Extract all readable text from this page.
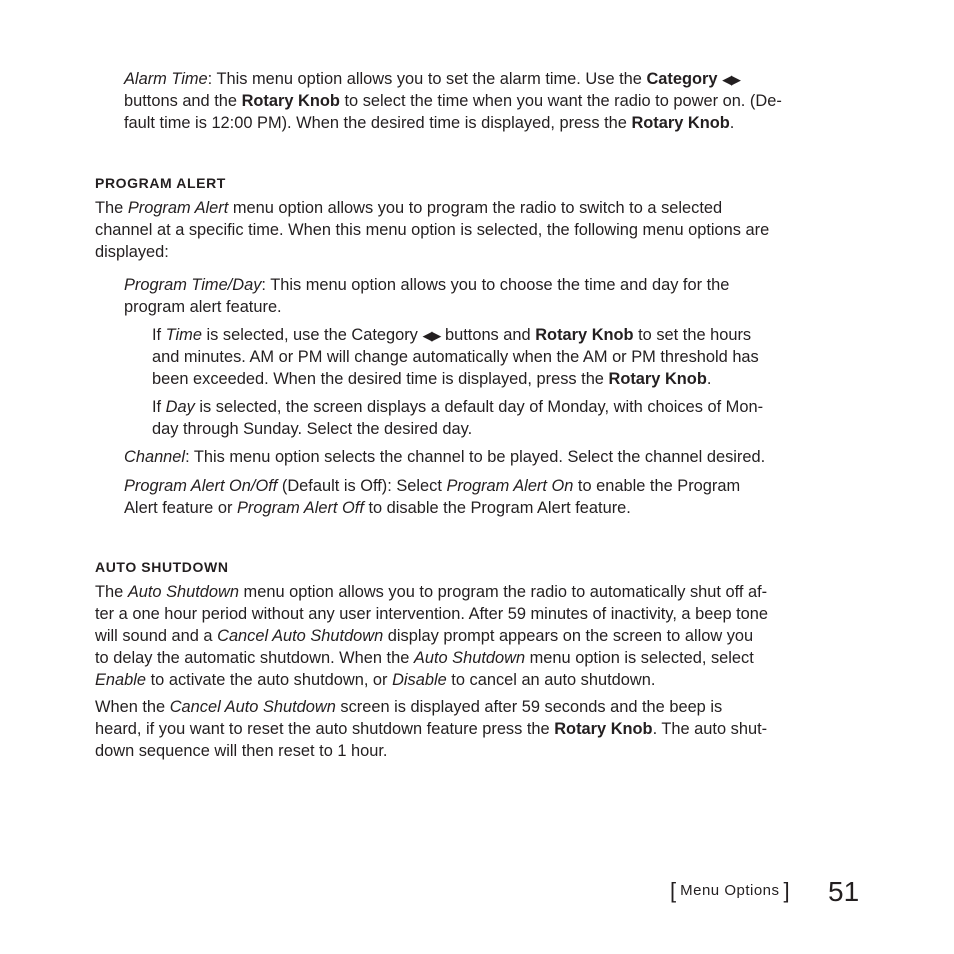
Alarm Time: This menu option allows you to set the alarm time. Use the Category ◀▶
buttons and the Rotary Knob to select the time when you want the radio to power on. (De-
fault time is 12:00 PM). When the desired time is displayed, press the Rotary Knob.
PROGRAM ALERT
The Program Alert menu option allows you to program the radio to switch to a selected
channel at a specific time. When this menu option is selected, the following menu options are
displayed:
Program Time/Day: This menu option allows you to choose the time and day for the
program alert feature.
If Time is selected, use the Category ◀▶ buttons and Rotary Knob to set the hours
and minutes. AM or PM will change automatically when the AM or PM threshold has
been exceeded. When the desired time is displayed, press the Rotary Knob.
If Day is selected, the screen displays a default day of Monday, with choices of Mon-
day through Sunday. Select the desired day.
Channel: This menu option selects the channel to be played. Select the channel desired.
Program Alert On/Off (Default is Off): Select Program Alert On to enable the Program
Alert feature or Program Alert Off to disable the Program Alert feature.
AUTO SHUTDOWN
The Auto Shutdown menu option allows you to program the radio to automatically shut off af-
ter a one hour period without any user intervention. After 59 minutes of inactivity, a beep tone
will sound and a Cancel Auto Shutdown display prompt appears on the screen to allow you
to delay the automatic shutdown. When the Auto Shutdown menu option is selected, select
Enable to activate the auto shutdown, or Disable to cancel an auto shutdown.
When the Cancel Auto Shutdown screen is displayed after 59 seconds and the beep is
heard, if you want to reset the auto shutdown feature press the Rotary Knob. The auto shut-
down sequence will then reset to 1 hour.
[ Menu Options ] 51
